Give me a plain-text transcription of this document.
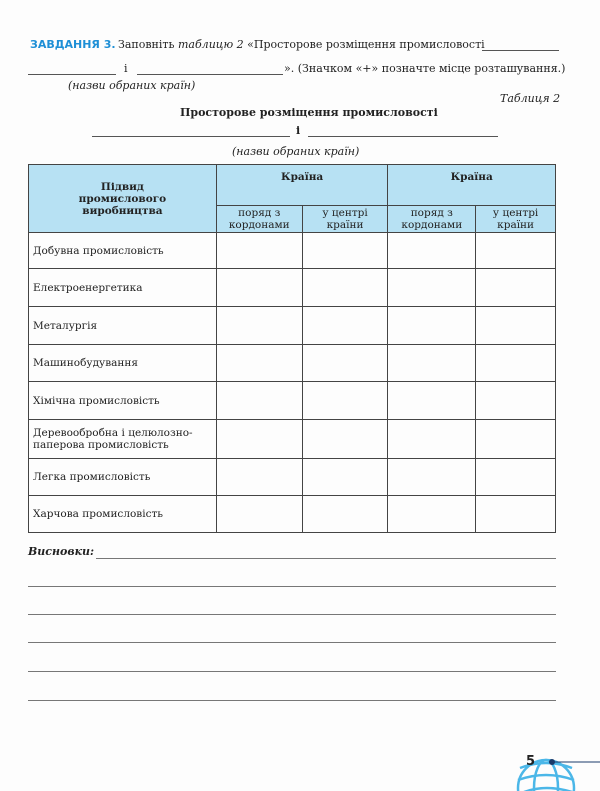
ЗАВДАННЯ 3. Заповніть таблицю 2 «Просторове розміщення промисловості
і	». (Значком «+» позначте місце розташування.)
(назви обраних країн)
Таблиця 2
Просторове розміщення промисловості
і
(назви обраних країн)
Підвид промислового виробництва	Країна		Країна	
	поряд з кордонами	у центрі країни	поряд з кордонами	у центрі країни
Добувна промисловість				
Електроенергетика				
Металургія				
Машинобудування				
Хімічна промисловість				
Деревообробна і целюлозно-паперова промисловість				
Легка промисловість				
Харчова промисловість				
Висновки:
5
